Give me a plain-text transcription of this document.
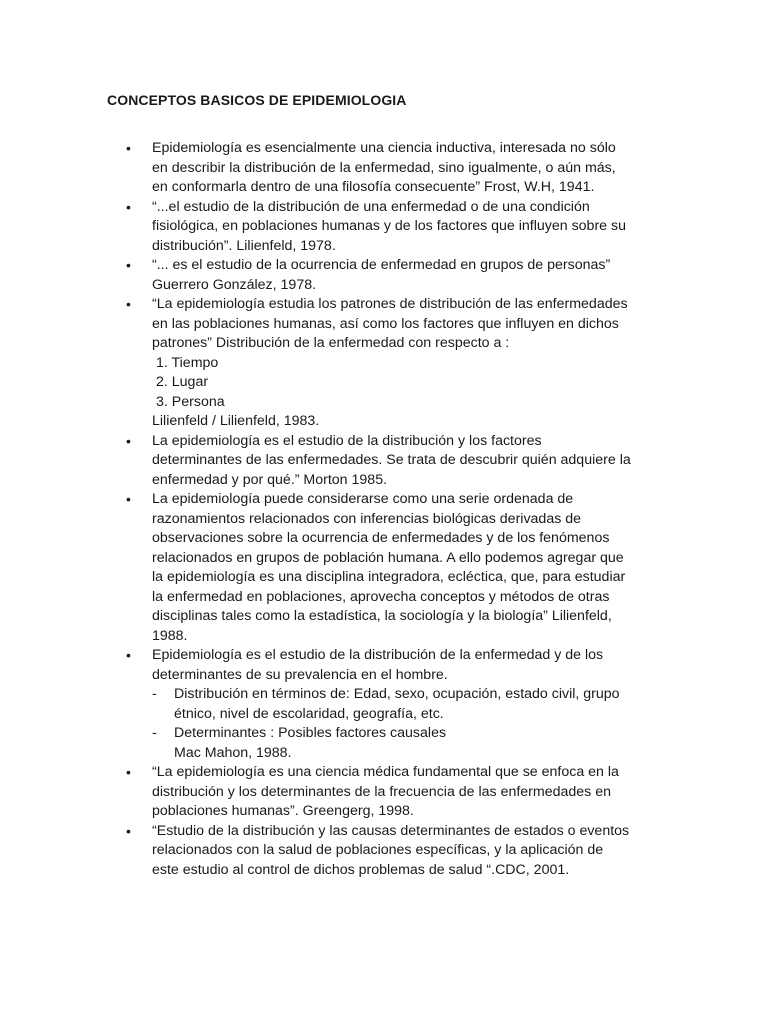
CONCEPTOS BASICOS DE EPIDEMIOLOGIA
• Epidemiología es esencialmente una ciencia inductiva, interesada no sólo
en describir la distribución de la enfermedad, sino igualmente, o aún más,
en conformarla dentro de una filosofía consecuente” Frost, W.H, 1941.
• “...el estudio de la distribución de una enfermedad o de una condición
fisiológica, en poblaciones humanas y de los factores que influyen sobre su
distribución”. Lilienfeld, 1978.
• “... es el estudio de la ocurrencia de enfermedad en grupos de personas”
Guerrero González, 1978.
• “La epidemiología estudia los patrones de distribución de las enfermedades
en las poblaciones humanas, así como los factores que influyen en dichos
patrones” Distribución de la enfermedad con respecto a :
1. Tiempo
2. Lugar
3. Persona
Lilienfeld / Lilienfeld, 1983.
• La epidemiología es el estudio de la distribución y los factores
determinantes de las enfermedades. Se trata de descubrir quién adquiere la
enfermedad y por qué.” Morton 1985.
• La epidemiología puede considerarse como una serie ordenada de
razonamientos relacionados con inferencias biológicas derivadas de
observaciones sobre la ocurrencia de enfermedades y de los fenómenos
relacionados en grupos de población humana. A ello podemos agregar que
la epidemiología es una disciplina integradora, ecléctica, que, para estudiar
la enfermedad en poblaciones, aprovecha conceptos y métodos de otras
disciplinas tales como la estadística, la sociología y la biología” Lilienfeld,
1988.
• Epidemiología es el estudio de la distribución de la enfermedad y de los
determinantes de su prevalencia en el hombre.
- Distribución en términos de: Edad, sexo, ocupación, estado civil, grupo
étnico, nivel de escolaridad, geografía, etc.
- Determinantes : Posibles factores causales
Mac Mahon, 1988.
• “La epidemiología es una ciencia médica fundamental que se enfoca en la
distribución y los determinantes de la frecuencia de las enfermedades en
poblaciones humanas”. Greengerg, 1998.
• “Estudio de la distribución y las causas determinantes de estados o eventos
relacionados con la salud de poblaciones específicas, y la aplicación de
este estudio al control de dichos problemas de salud “.CDC, 2001.
